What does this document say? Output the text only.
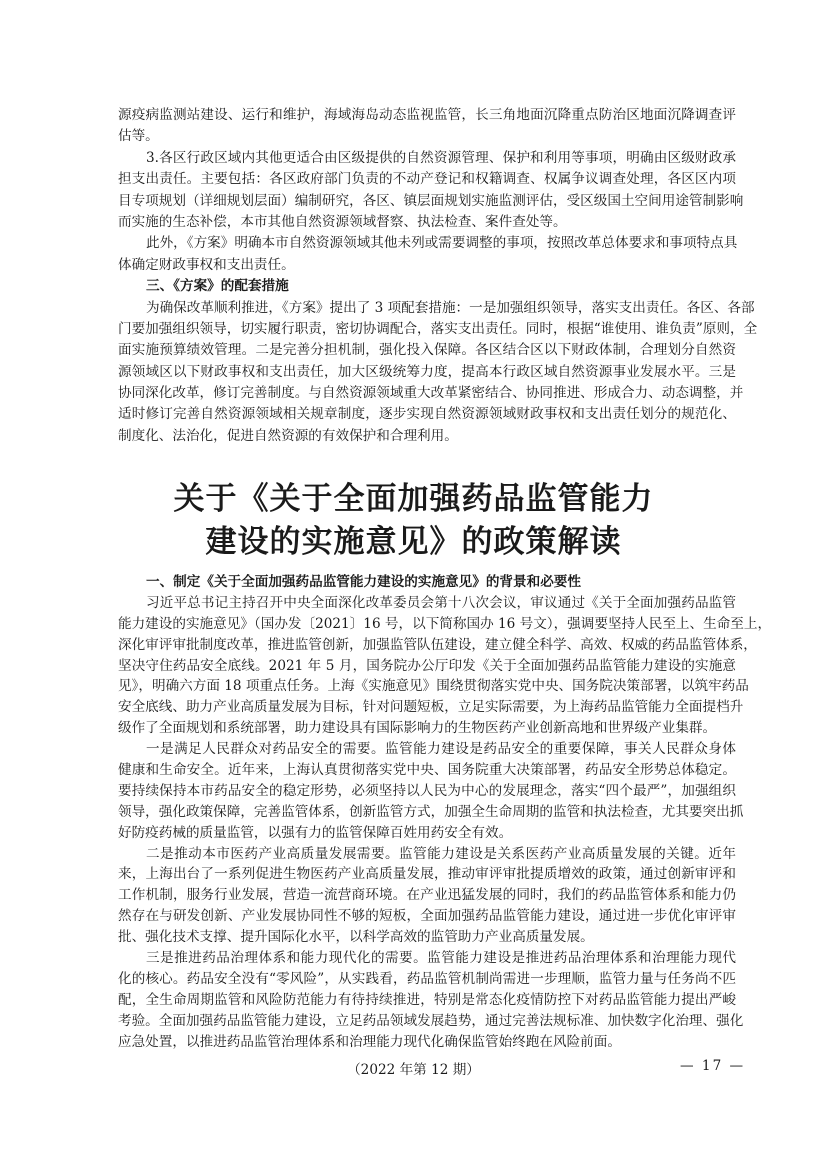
源疫病监测站建设、运行和维护，海域海岛动态监视监管，长三角地面沉降重点防治区地面沉降调查评
估等。
3.各区行政区域内其他更适合由区级提供的自然资源管理、保护和利用等事项，明确由区级财政承
担支出责任。主要包括：各区政府部门负责的不动产登记和权籍调查、权属争议调查处理，各区区内项
目专项规划（详细规划层面）编制研究，各区、镇层面规划实施监测评估，受区级国土空间用途管制影响
而实施的生态补偿，本市其他自然资源领域督察、执法检查、案件查处等。
此外，《方案》明确本市自然资源领域其他未列或需要调整的事项，按照改革总体要求和事项特点具
体确定财政事权和支出责任。
三、《方案》的配套措施
为确保改革顺利推进，《方案》提出了 3 项配套措施：一是加强组织领导，落实支出责任。各区、各部
门要加强组织领导，切实履行职责，密切协调配合，落实支出责任。同时，根据“谁使用、谁负责”原则，全
面实施预算绩效管理。二是完善分担机制，强化投入保障。各区结合区以下财政体制，合理划分自然资
源领域区以下财政事权和支出责任，加大区级统筹力度，提高本行政区域自然资源事业发展水平。三是
协同深化改革，修订完善制度。与自然资源领域重大改革紧密结合、协同推进、形成合力、动态调整，并
适时修订完善自然资源领域相关规章制度，逐步实现自然资源领域财政事权和支出责任划分的规范化、
制度化、法治化，促进自然资源的有效保护和合理利用。
关于《关于全面加强药品监管能力
建设的实施意见》的政策解读
一、制定《关于全面加强药品监管能力建设的实施意见》的背景和必要性
习近平总书记主持召开中央全面深化改革委员会第十八次会议，审议通过《关于全面加强药品监管
能力建设的实施意见》（国办发〔2021〕16 号，以下简称国办 16 号文），强调要坚持人民至上、生命至上，
深化审评审批制度改革，推进监管创新，加强监管队伍建设，建立健全科学、高效、权威的药品监管体系，
坚决守住药品安全底线。2021 年 5 月，国务院办公厅印发《关于全面加强药品监管能力建设的实施意
见》，明确六方面 18 项重点任务。上海《实施意见》围绕贯彻落实党中央、国务院决策部署，以筑牢药品
安全底线、助力产业高质量发展为目标，针对问题短板，立足实际需要，为上海药品监管能力全面提档升
级作了全面规划和系统部署，助力建设具有国际影响力的生物医药产业创新高地和世界级产业集群。
一是满足人民群众对药品安全的需要。监管能力建设是药品安全的重要保障，事关人民群众身体
健康和生命安全。近年来，上海认真贯彻落实党中央、国务院重大决策部署，药品安全形势总体稳定。
要持续保持本市药品安全的稳定形势，必须坚持以人民为中心的发展理念，落实“四个最严”，加强组织
领导，强化政策保障，完善监管体系，创新监管方式，加强全生命周期的监管和执法检查，尤其要突出抓
好防疫药械的质量监管，以强有力的监管保障百姓用药安全有效。
二是推动本市医药产业高质量发展需要。监管能力建设是关系医药产业高质量发展的关键。近年
来，上海出台了一系列促进生物医药产业高质量发展，推动审评审批提质增效的政策，通过创新审评和
工作机制，服务行业发展，营造一流营商环境。在产业迅猛发展的同时，我们的药品监管体系和能力仍
然存在与研发创新、产业发展协同性不够的短板，全面加强药品监管能力建设，通过进一步优化审评审
批、强化技术支撑、提升国际化水平，以科学高效的监管助力产业高质量发展。
三是推进药品治理体系和能力现代化的需要。监管能力建设是推进药品治理体系和治理能力现代
化的核心。药品安全没有“零风险”，从实践看，药品监管机制尚需进一步理顺，监管力量与任务尚不匹
配，全生命周期监管和风险防范能力有待持续推进，特别是常态化疫情防控下对药品监管能力提出严峻
考验。全面加强药品监管能力建设，立足药品领域发展趋势，通过完善法规标准、加快数字化治理、强化
应急处置，以推进药品监管治理体系和治理能力现代化确保监管始终跑在风险前面。
（2022 年第 12 期）	— 17 —
